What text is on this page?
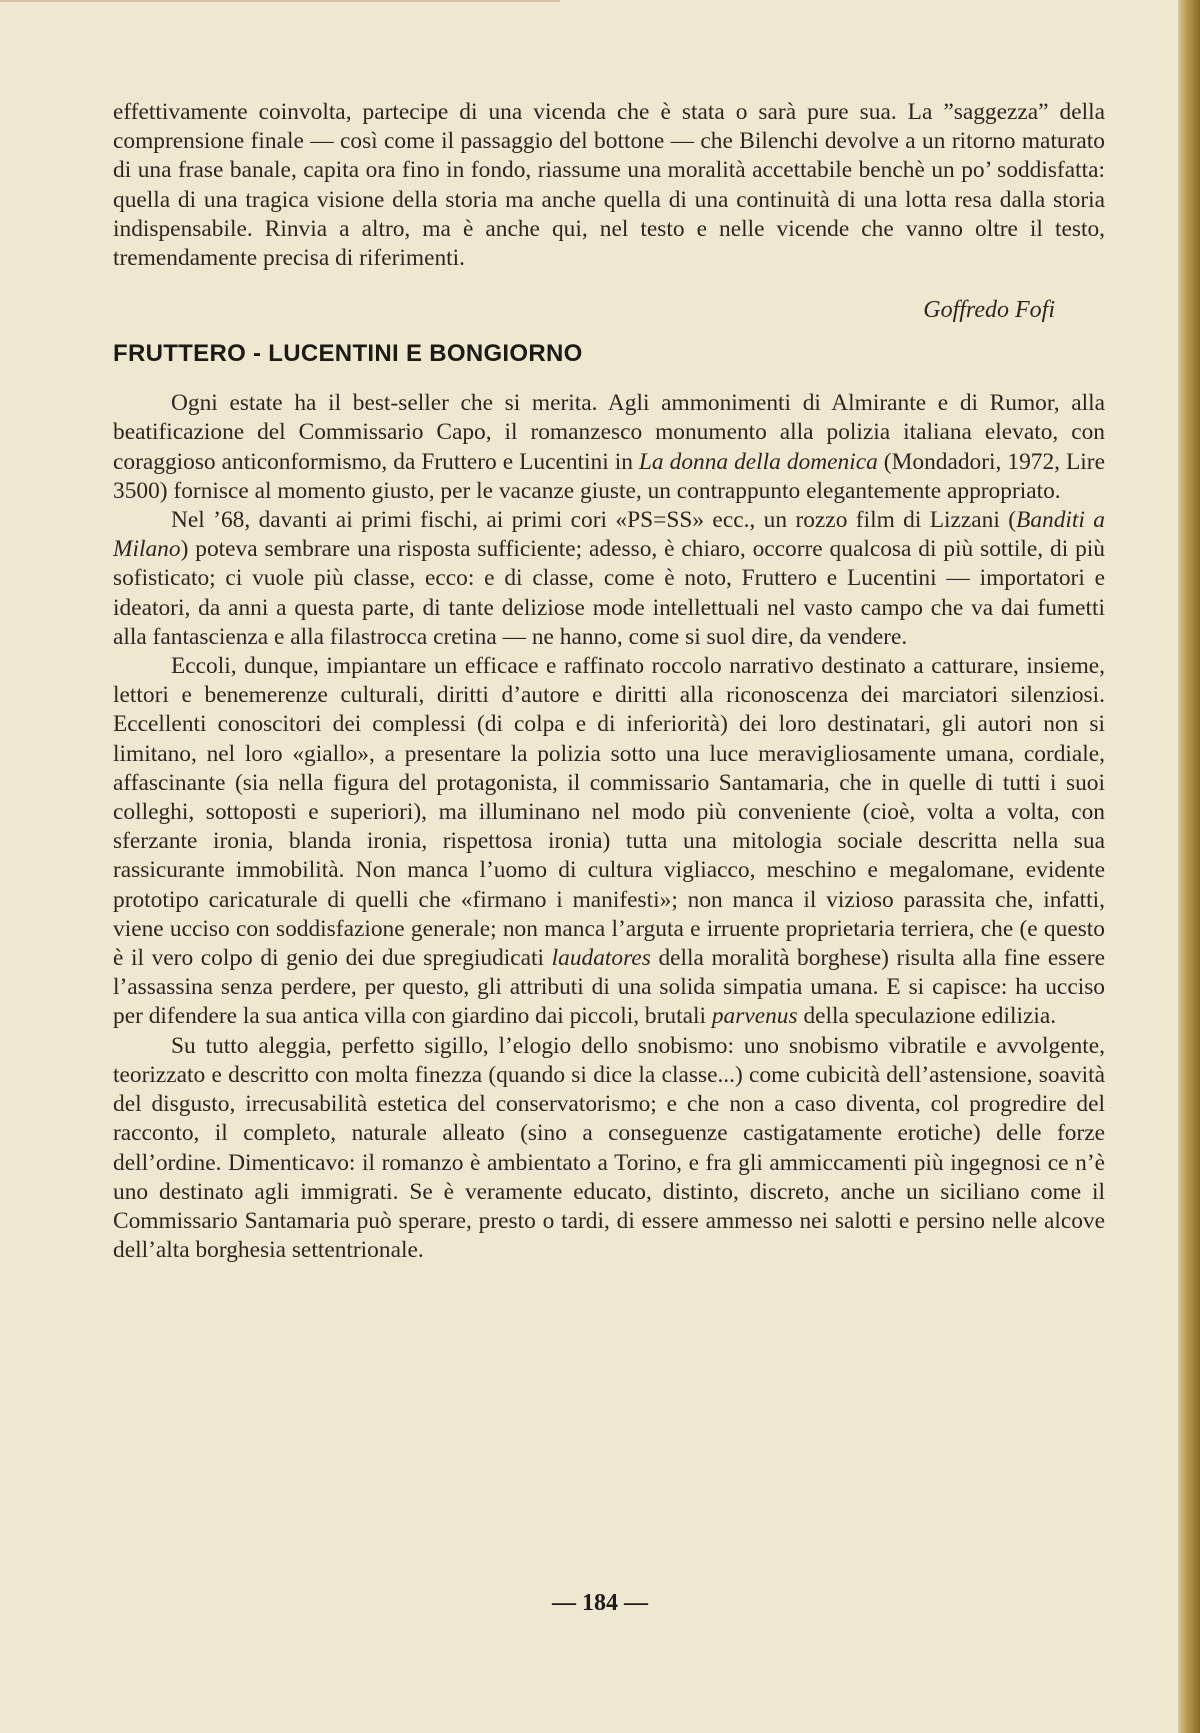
effettivamente coinvolta, partecipe di una vicenda che è stata o sarà pure sua. La ”saggezza” della comprensione finale — così come il passaggio del bottone — che Bilenchi devolve a un ritorno maturato di una frase banale, capita ora fino in fondo, riassume una moralità accettabile benchè un po’ soddisfatta: quella di una tragica visione della storia ma anche quella di una continuità di una lotta resa dalla storia indispensabile. Rinvia a altro, ma è anche qui, nel testo e nelle vicende che vanno oltre il testo, tremendamente precisa di riferimenti.

Goffredo Fofi
FRUTTERO - LUCENTINI E BONGIORNO

Ogni estate ha il best-seller che si merita. Agli ammonimenti di Almirante e di Rumor, alla beatificazione del Commissario Capo, il romanzesco monumento alla polizia italiana elevato, con coraggioso anticonformismo, da Fruttero e Lucentini in La donna della domenica (Mondadori, 1972, Lire 3500) fornisce al momento giusto, per le vacanze giuste, un contrappunto elegantemente appropriato.

Nel ’68, davanti ai primi fischi, ai primi cori «PS=SS» ecc., un rozzo film di Lizzani (Banditi a Milano) poteva sembrare una risposta sufficiente; adesso, è chiaro, occorre qualcosa di più sottile, di più sofisticato; ci vuole più classe, ecco: e di classe, come è noto, Fruttero e Lucentini — importatori e ideatori, da anni a questa parte, di tante deliziose mode intellettuali nel vasto campo che va dai fumetti alla fantascienza e alla filastrocca cretina — ne hanno, come si suol dire, da vendere.

Eccoli, dunque, impiantare un efficace e raffinato roccolo narrativo destinato a catturare, insieme, lettori e benemerenze culturali, diritti d’autore e diritti alla riconoscenza dei marciatori silenziosi. Eccellenti conoscitori dei complessi (di colpa e di inferiorità) dei loro destinatari, gli autori non si limitano, nel loro «giallo», a presentare la polizia sotto una luce meravigliosamente umana, cordiale, affascinante (sia nella figura del protagonista, il commissario Santamaria, che in quelle di tutti i suoi colleghi, sottoposti e superiori), ma illuminano nel modo più conveniente (cioè, volta a volta, con sferzante ironia, blanda ironia, rispettosa ironia) tutta una mitologia sociale descritta nella sua rassicurante immobilità. Non manca l’uomo di cultura vigliacco, meschino e megalomane, evidente prototipo caricaturale di quelli che «firmano i manifesti»; non manca il vizioso parassita che, infatti, viene ucciso con soddisfazione generale; non manca l’arguta e irruente proprietaria terriera, che (e questo è il vero colpo di genio dei due spregiudicati laudatores della moralità borghese) risulta alla fine essere l’assassina senza perdere, per questo, gli attributi di una solida simpatia umana. E si capisce: ha ucciso per difendere la sua antica villa con giardino dai piccoli, brutali parvenus della speculazione edilizia.

Su tutto aleggia, perfetto sigillo, l’elogio dello snobismo: uno snobismo vibratile e avvolgente, teorizzato e descritto con molta finezza (quando si dice la classe...) come cubicità dell’astensione, soavità del disgusto, irrecusabilità estetica del conservatorismo; e che non a caso diventa, col progredire del racconto, il completo, naturale alleato (sino a conseguenze castigatamente erotiche) delle forze dell’ordine. Dimenticavo: il romanzo è ambientato a Torino, e fra gli ammiccamenti più ingegnosi ce n’è uno destinato agli immigrati. Se è veramente educato, distinto, discreto, anche un siciliano come il Commissario Santamaria può sperare, presto o tardi, di essere ammesso nei salotti e persino nelle alcove dell’alta borghesia settentrionale.

— 184 —
